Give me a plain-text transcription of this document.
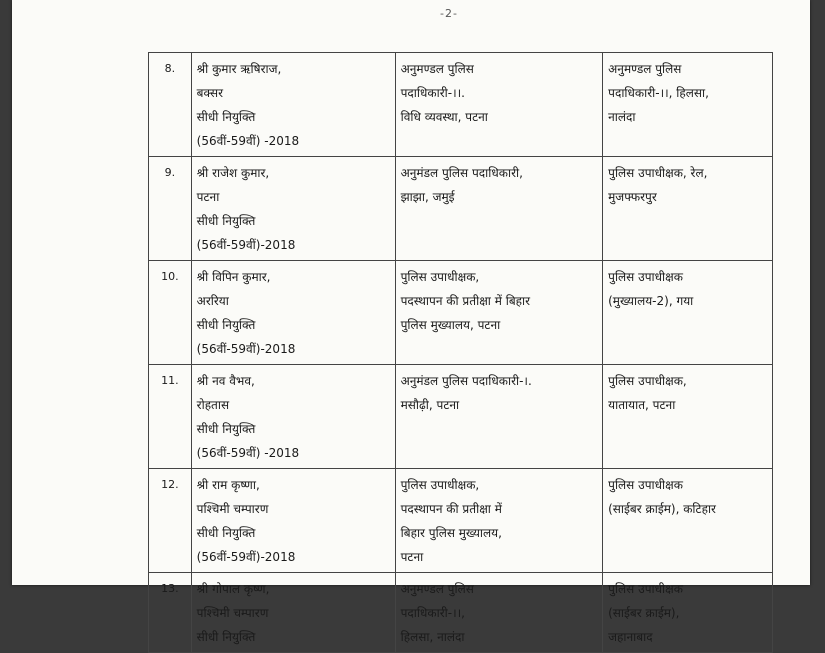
-2-
8.	श्री कुमार ऋषिराज,
बक्सर
सीधी नियुक्ति
(56वीं-59वीं) -2018	अनुमण्डल पुलिस
पदाधिकारी-।।.
विधि व्यवस्था, पटना	अनुमण्डल पुलिस
पदाधिकारी-।।, हिलसा,
नालंदा

9.	श्री राजेश कुमार,
पटना
सीधी नियुक्ति
(56वीं-59वीं)-2018	अनुमंडल पुलिस पदाधिकारी,
झाझा, जमुई	पुलिस उपाधीक्षक, रेल,
मुजफ्फरपुर

10.	श्री विपिन कुमार,
अररिया
सीधी नियुक्ति
(56वीं-59वीं)-2018	पुलिस उपाधीक्षक,
पदस्थापन की प्रतीक्षा में बिहार
पुलिस मुख्यालय, पटना	पुलिस उपाधीक्षक
(मुख्यालय-2), गया

11.	श्री नव वैभव,
रोहतास
सीधी नियुक्ति
(56वीं-59वीं) -2018	अनुमंडल पुलिस पदाधिकारी-।.
मसौढ़ी, पटना	पुलिस उपाधीक्षक,
यातायात, पटना

12.	श्री राम कृष्णा,
पश्चिमी चम्पारण
सीधी नियुक्ति
(56वीं-59वीं)-2018	पुलिस उपाधीक्षक,
पदस्थापन की प्रतीक्षा में
बिहार पुलिस मुख्यालय,
पटना	पुलिस उपाधीक्षक
(साईबर क्राईम), कटिहार

13.	श्री गोपाल कृष्ण,
पश्चिमी चम्पारण
सीधी नियुक्ति	अनुमण्डल पुलिस
पदाधिकारी-।।,
हिलसा, नालंदा	पुलिस उपाधीक्षक
(साईबर क्राईम),
जहानाबाद
